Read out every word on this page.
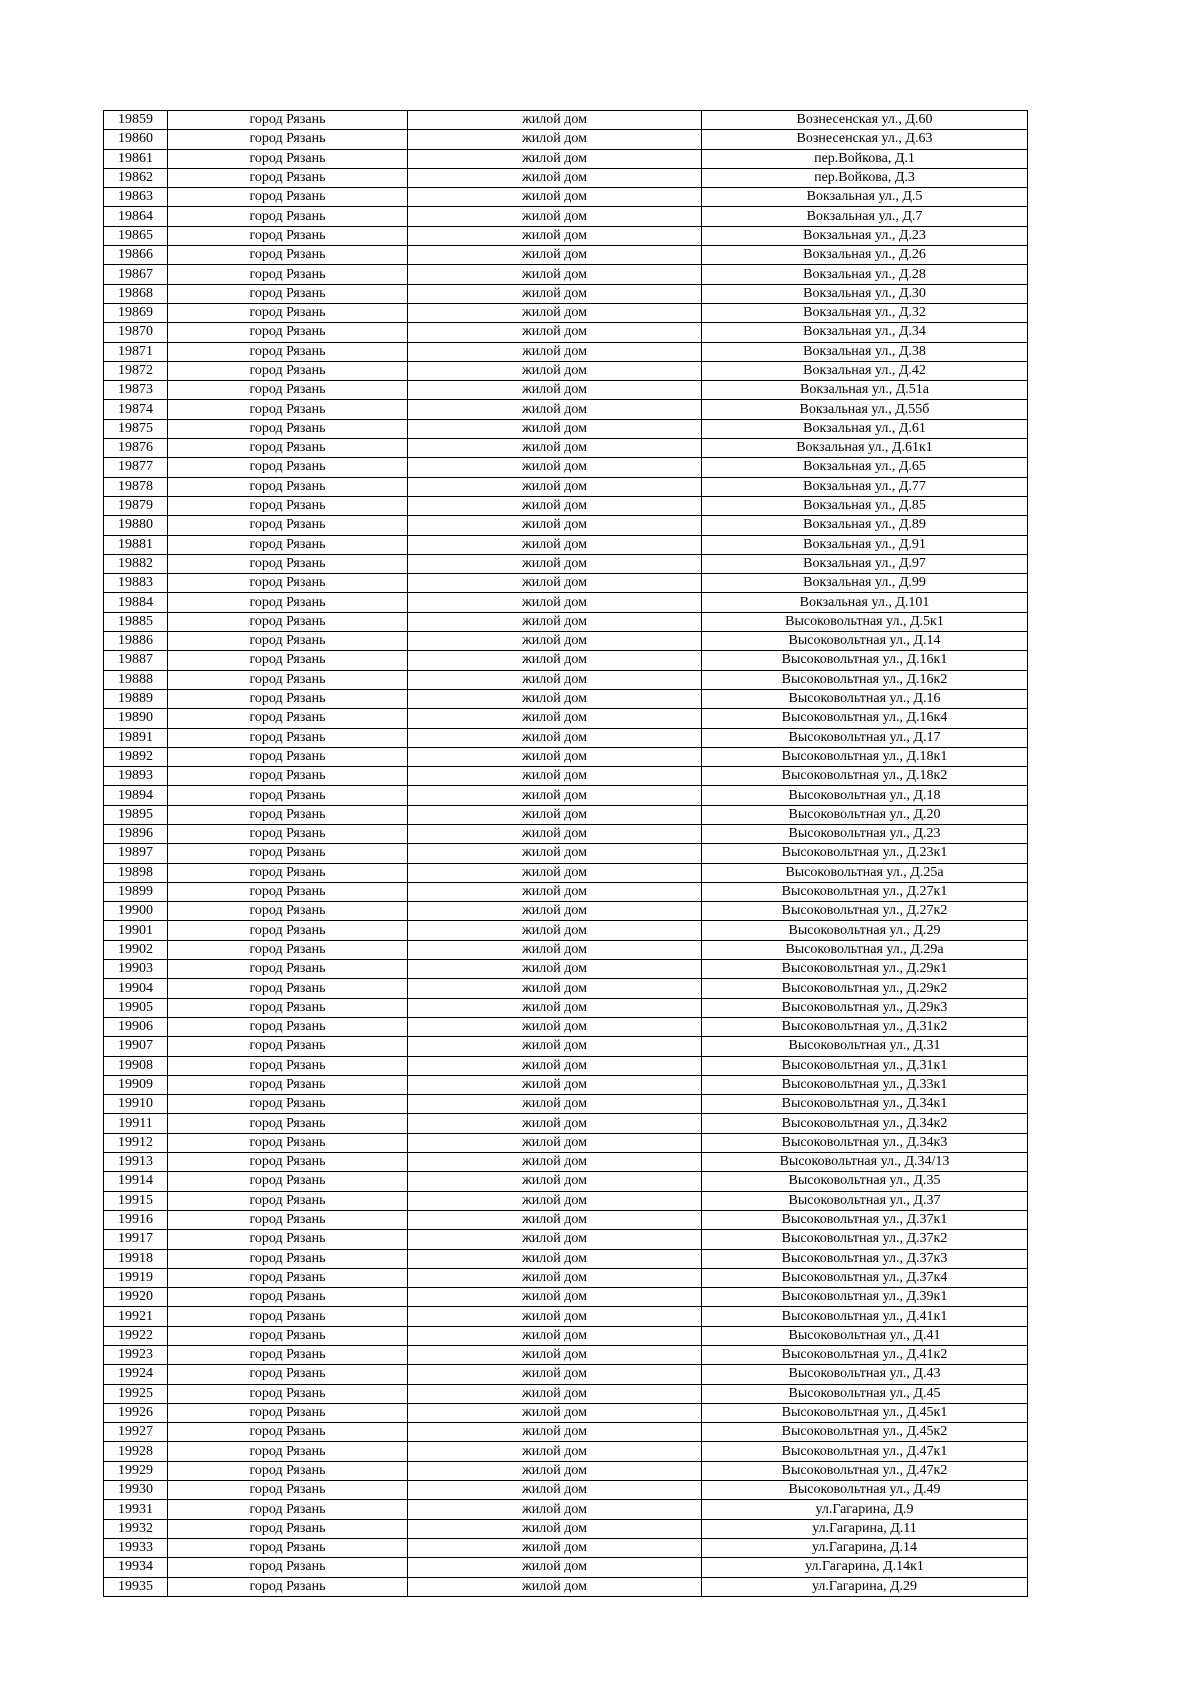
19859	город Рязань	жилой дом	Вознесенская ул., Д.60
19860	город Рязань	жилой дом	Вознесенская ул., Д.63
19861	город Рязань	жилой дом	пер.Войкова, Д.1
19862	город Рязань	жилой дом	пер.Войкова, Д.3
19863	город Рязань	жилой дом	Вокзальная ул., Д.5
19864	город Рязань	жилой дом	Вокзальная ул., Д.7
19865	город Рязань	жилой дом	Вокзальная ул., Д.23
19866	город Рязань	жилой дом	Вокзальная ул., Д.26
19867	город Рязань	жилой дом	Вокзальная ул., Д.28
19868	город Рязань	жилой дом	Вокзальная ул., Д.30
19869	город Рязань	жилой дом	Вокзальная ул., Д.32
19870	город Рязань	жилой дом	Вокзальная ул., Д.34
19871	город Рязань	жилой дом	Вокзальная ул., Д.38
19872	город Рязань	жилой дом	Вокзальная ул., Д.42
19873	город Рязань	жилой дом	Вокзальная ул., Д.51а
19874	город Рязань	жилой дом	Вокзальная ул., Д.55б
19875	город Рязань	жилой дом	Вокзальная ул., Д.61
19876	город Рязань	жилой дом	Вокзальная ул., Д.61к1
19877	город Рязань	жилой дом	Вокзальная ул., Д.65
19878	город Рязань	жилой дом	Вокзальная ул., Д.77
19879	город Рязань	жилой дом	Вокзальная ул., Д.85
19880	город Рязань	жилой дом	Вокзальная ул., Д.89
19881	город Рязань	жилой дом	Вокзальная ул., Д.91
19882	город Рязань	жилой дом	Вокзальная ул., Д.97
19883	город Рязань	жилой дом	Вокзальная ул., Д.99
19884	город Рязань	жилой дом	Вокзальная ул., Д.101
19885	город Рязань	жилой дом	Высоковольтная ул., Д.5к1
19886	город Рязань	жилой дом	Высоковольтная ул., Д.14
19887	город Рязань	жилой дом	Высоковольтная ул., Д.16к1
19888	город Рязань	жилой дом	Высоковольтная ул., Д.16к2
19889	город Рязань	жилой дом	Высоковольтная ул., Д.16
19890	город Рязань	жилой дом	Высоковольтная ул., Д.16к4
19891	город Рязань	жилой дом	Высоковольтная ул., Д.17
19892	город Рязань	жилой дом	Высоковольтная ул., Д.18к1
19893	город Рязань	жилой дом	Высоковольтная ул., Д.18к2
19894	город Рязань	жилой дом	Высоковольтная ул., Д.18
19895	город Рязань	жилой дом	Высоковольтная ул., Д.20
19896	город Рязань	жилой дом	Высоковольтная ул., Д.23
19897	город Рязань	жилой дом	Высоковольтная ул., Д.23к1
19898	город Рязань	жилой дом	Высоковольтная ул., Д.25а
19899	город Рязань	жилой дом	Высоковольтная ул., Д.27к1
19900	город Рязань	жилой дом	Высоковольтная ул., Д.27к2
19901	город Рязань	жилой дом	Высоковольтная ул., Д.29
19902	город Рязань	жилой дом	Высоковольтная ул., Д.29а
19903	город Рязань	жилой дом	Высоковольтная ул., Д.29к1
19904	город Рязань	жилой дом	Высоковольтная ул., Д.29к2
19905	город Рязань	жилой дом	Высоковольтная ул., Д.29к3
19906	город Рязань	жилой дом	Высоковольтная ул., Д.31к2
19907	город Рязань	жилой дом	Высоковольтная ул., Д.31
19908	город Рязань	жилой дом	Высоковольтная ул., Д.31к1
19909	город Рязань	жилой дом	Высоковольтная ул., Д.33к1
19910	город Рязань	жилой дом	Высоковольтная ул., Д.34к1
19911	город Рязань	жилой дом	Высоковольтная ул., Д.34к2
19912	город Рязань	жилой дом	Высоковольтная ул., Д.34к3
19913	город Рязань	жилой дом	Высоковольтная ул., Д.34/13
19914	город Рязань	жилой дом	Высоковольтная ул., Д.35
19915	город Рязань	жилой дом	Высоковольтная ул., Д.37
19916	город Рязань	жилой дом	Высоковольтная ул., Д.37к1
19917	город Рязань	жилой дом	Высоковольтная ул., Д.37к2
19918	город Рязань	жилой дом	Высоковольтная ул., Д.37к3
19919	город Рязань	жилой дом	Высоковольтная ул., Д.37к4
19920	город Рязань	жилой дом	Высоковольтная ул., Д.39к1
19921	город Рязань	жилой дом	Высоковольтная ул., Д.41к1
19922	город Рязань	жилой дом	Высоковольтная ул., Д.41
19923	город Рязань	жилой дом	Высоковольтная ул., Д.41к2
19924	город Рязань	жилой дом	Высоковольтная ул., Д.43
19925	город Рязань	жилой дом	Высоковольтная ул., Д.45
19926	город Рязань	жилой дом	Высоковольтная ул., Д.45к1
19927	город Рязань	жилой дом	Высоковольтная ул., Д.45к2
19928	город Рязань	жилой дом	Высоковольтная ул., Д.47к1
19929	город Рязань	жилой дом	Высоковольтная ул., Д.47к2
19930	город Рязань	жилой дом	Высоковольтная ул., Д.49
19931	город Рязань	жилой дом	ул.Гагарина, Д.9
19932	город Рязань	жилой дом	ул.Гагарина, Д.11
19933	город Рязань	жилой дом	ул.Гагарина, Д.14
19934	город Рязань	жилой дом	ул.Гагарина, Д.14к1
19935	город Рязань	жилой дом	ул.Гагарина, Д.29
